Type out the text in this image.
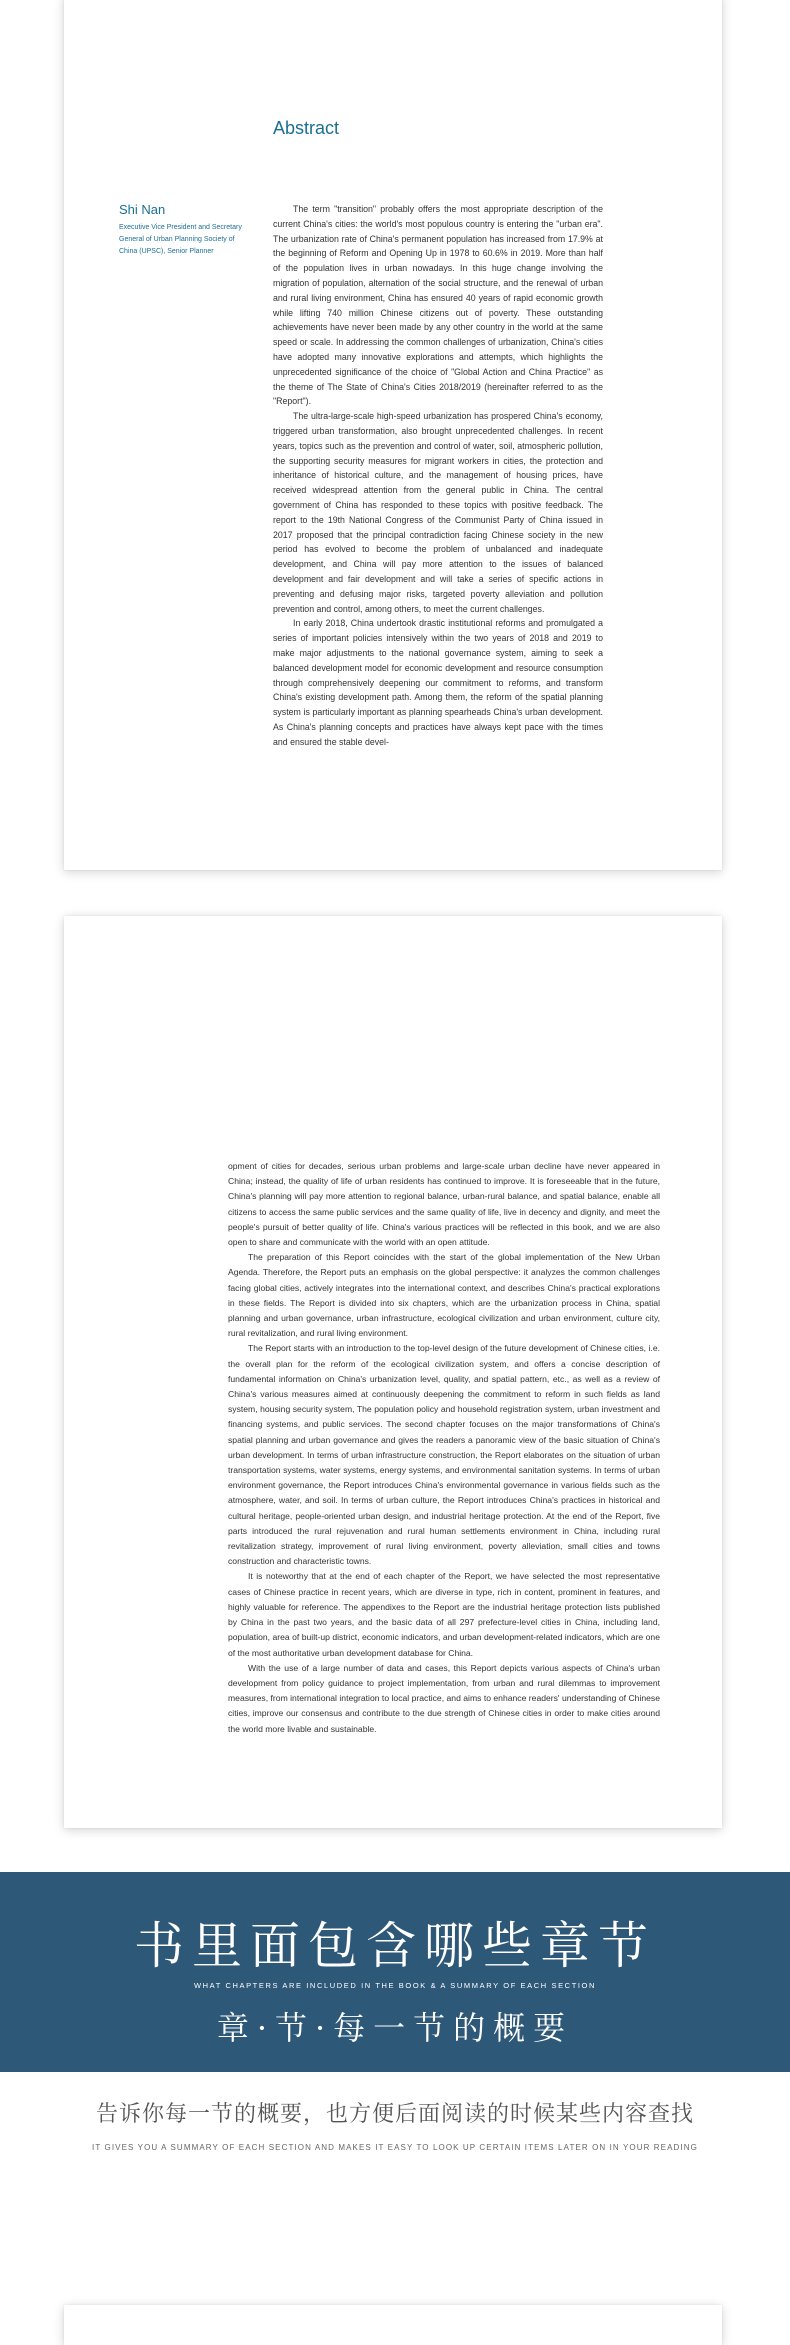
Abstract

Shi Nan

Executive Vice President and Secretary General of Urban Planning Society of China (UPSC), Senior Planner

The term "transition" probably offers the most appropriate description of the current China's cities: the world's most populous country is entering the "urban era". The urbanization rate of China's permanent population has increased from 17.9% at the beginning of Reform and Opening Up in 1978 to 60.6% in 2019. More than half of the population lives in urban nowadays. In this huge change involving the migration of population, alternation of the social structure, and the renewal of urban and rural living environment, China has ensured 40 years of rapid economic growth while lifting 740 million Chinese citizens out of poverty. These outstanding achievements have never been made by any other country in the world at the same speed or scale. In addressing the common challenges of urbanization, China's cities have adopted many innovative explorations and attempts, which highlights the unprecedented significance of the choice of "Global Action and China Practice" as the theme of The State of China's Cities 2018/2019 (hereinafter referred to as the "Report").

The ultra-large-scale high-speed urbanization has prospered China's economy, triggered urban transformation, also brought unprecedented challenges. In recent years, topics such as the prevention and control of water, soil, atmospheric pollution, the supporting security measures for migrant workers in cities, the protection and inheritance of historical culture, and the management of housing prices, have received widespread attention from the general public in China. The central government of China has responded to these topics with positive feedback. The report to the 19th National Congress of the Communist Party of China issued in 2017 proposed that the principal contradiction facing Chinese society in the new period has evolved to become the problem of unbalanced and inadequate development, and China will pay more attention to the issues of balanced development and fair development and will take a series of specific actions in preventing and defusing major risks, targeted poverty alleviation and pollution prevention and control, among others, to meet the current challenges.

In early 2018, China undertook drastic institutional reforms and promulgated a series of important policies intensively within the two years of 2018 and 2019 to make major adjustments to the national governance system, aiming to seek a balanced development model for economic development and resource consumption through comprehensively deepening our commitment to reforms, and transform China's existing development path. Among them, the reform of the spatial planning system is particularly important as planning spearheads China's urban development. As China's planning concepts and practices have always kept pace with the times and ensured the stable devel-

opment of cities for decades, serious urban problems and large-scale urban decline have never appeared in China; instead, the quality of life of urban residents has continued to improve. It is foreseeable that in the future, China's planning will pay more attention to regional balance, urban-rural balance, and spatial balance, enable all citizens to access the same public services and the same quality of life, live in decency and dignity, and meet the people's pursuit of better quality of life. China's various practices will be reflected in this book, and we are also open to share and communicate with the world with an open attitude.

The preparation of this Report coincides with the start of the global implementation of the New Urban Agenda. Therefore, the Report puts an emphasis on the global perspective: it analyzes the common challenges facing global cities, actively integrates into the international context, and describes China's practical explorations in these fields. The Report is divided into six chapters, which are the urbanization process in China, spatial planning and urban governance, urban infrastructure, ecological civilization and urban environment, culture city, rural revitalization, and rural living environment.

The Report starts with an introduction to the top-level design of the future development of Chinese cities, i.e. the overall plan for the reform of the ecological civilization system, and offers a concise description of fundamental information on China's urbanization level, quality, and spatial pattern, etc., as well as a review of China's various measures aimed at continuously deepening the commitment to reform in such fields as land system, housing security system, The population policy and household registration system, urban investment and financing systems, and public services. The second chapter focuses on the major transformations of China's spatial planning and urban governance and gives the readers a panoramic view of the basic situation of China's urban development. In terms of urban infrastructure construction, the Report elaborates on the situation of urban transportation systems, water systems, energy systems, and environmental sanitation systems. In terms of urban environment governance, the Report introduces China's environmental governance in various fields such as the atmosphere, water, and soil. In terms of urban culture, the Report introduces China's practices in historical and cultural heritage, people-oriented urban design, and industrial heritage protection. At the end of the Report, five parts introduced the rural rejuvenation and rural human settlements environment in China, including rural revitalization strategy, improvement of rural living environment, poverty alleviation, small cities and towns construction and characteristic towns.

It is noteworthy that at the end of each chapter of the Report, we have selected the most representative cases of Chinese practice in recent years, which are diverse in type, rich in content, prominent in features, and highly valuable for reference. The appendixes to the Report are the industrial heritage protection lists published by China in the past two years, and the basic data of all 297 prefecture-level cities in China, including land, population, area of built-up district, economic indicators, and urban development-related indicators, which are one of the most authoritative urban development database for China.

With the use of a large number of data and cases, this Report depicts various aspects of China's urban development from policy guidance to project implementation, from urban and rural dilemmas to improvement measures, from international integration to local practice, and aims to enhance readers' understanding of Chinese cities, improve our consensus and contribute to the due strength of Chinese cities in order to make cities around the world more livable and sustainable.

书里面包含哪些章节

WHAT CHAPTERS ARE INCLUDED IN THE BOOK & A SUMMARY OF EACH SECTION

章·节·每一节的概要

告诉你每一节的概要，也方便后面阅读的时候某些内容查找

IT GIVES YOU A SUMMARY OF EACH SECTION AND MAKES IT EASY TO LOOK UP CERTAIN ITEMS LATER ON IN YOUR READING
